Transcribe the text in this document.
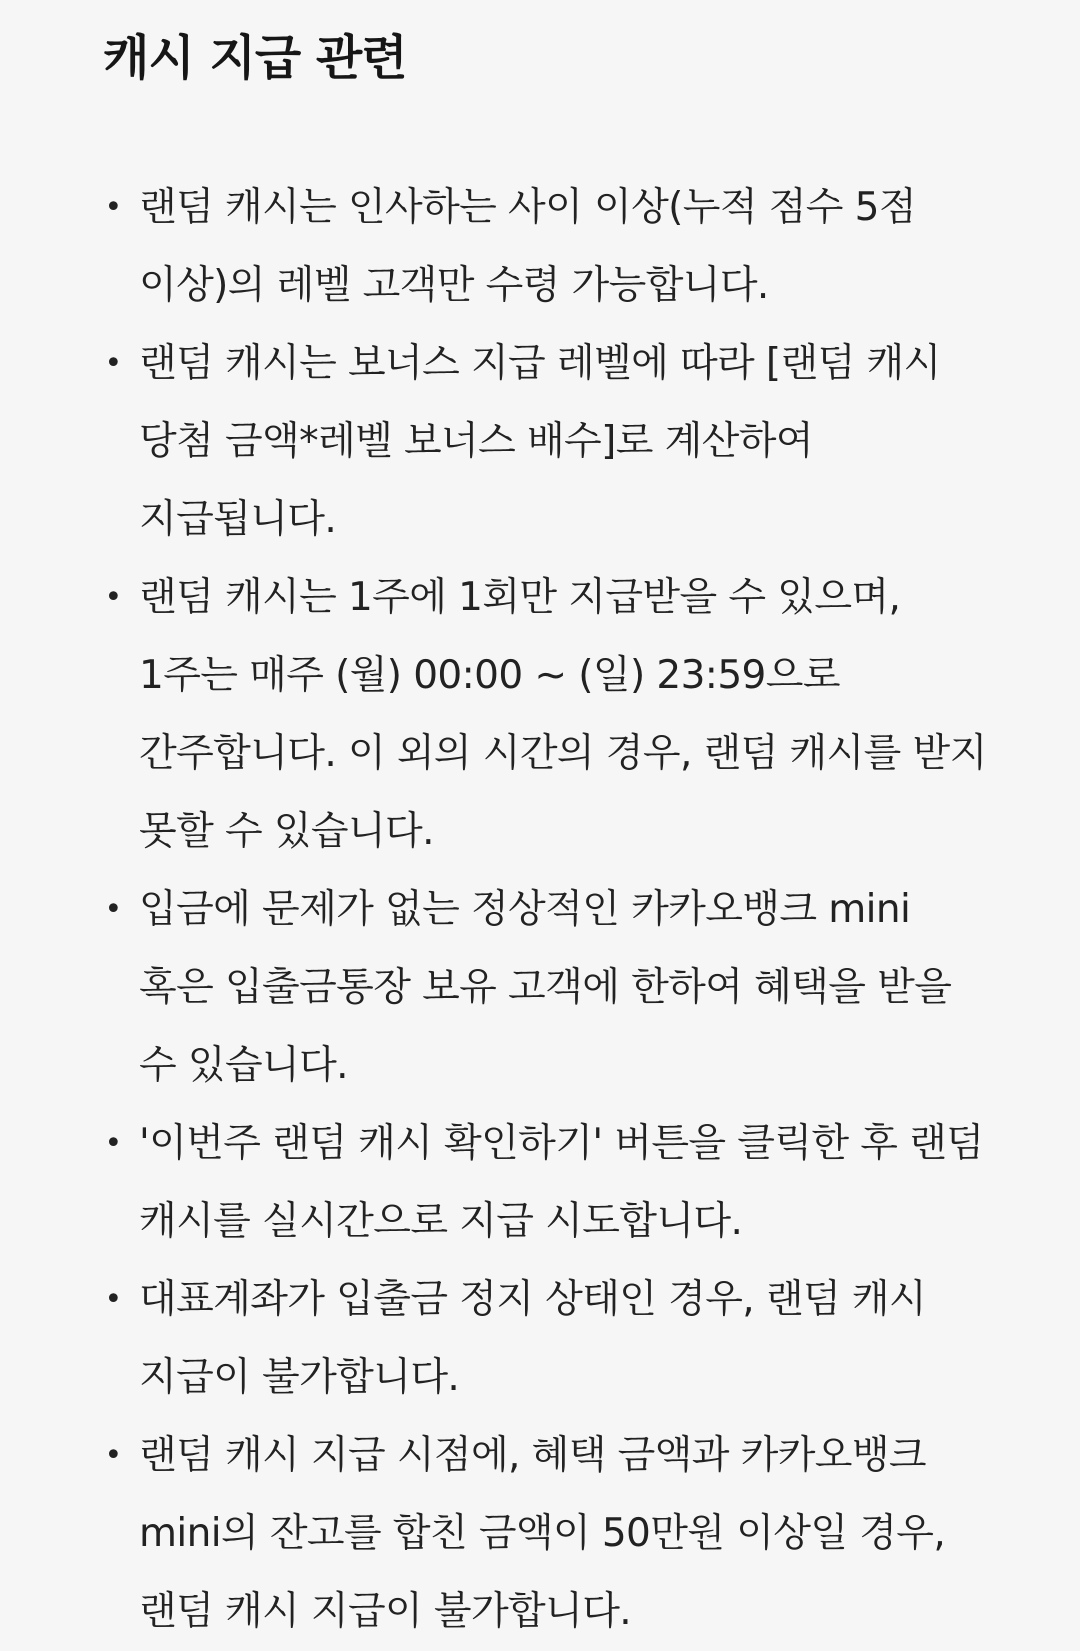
캐시 지급 관련
• 랜덤 캐시는 인사하는 사이 이상(누적 점수 5점 이상)의 레벨 고객만 수령 가능합니다.
• 랜덤 캐시는 보너스 지급 레벨에 따라 [랜덤 캐시 당첨 금액*레벨 보너스 배수]로 계산하여 지급됩니다.
• 랜덤 캐시는 1주에 1회만 지급받을 수 있으며, 1주는 매주 (월) 00:00 ~ (일) 23:59으로 간주합니다. 이 외의 시간의 경우, 랜덤 캐시를 받지 못할 수 있습니다.
• 입금에 문제가 없는 정상적인 카카오뱅크 mini 혹은 입출금통장 보유 고객에 한하여 혜택을 받을 수 있습니다.
• '이번주 랜덤 캐시 확인하기' 버튼을 클릭한 후 랜덤 캐시를 실시간으로 지급 시도합니다.
• 대표계좌가 입출금 정지 상태인 경우, 랜덤 캐시 지급이 불가합니다.
• 랜덤 캐시 지급 시점에, 혜택 금액과 카카오뱅크 mini의 잔고를 합친 금액이 50만원 이상일 경우, 랜덤 캐시 지급이 불가합니다.
